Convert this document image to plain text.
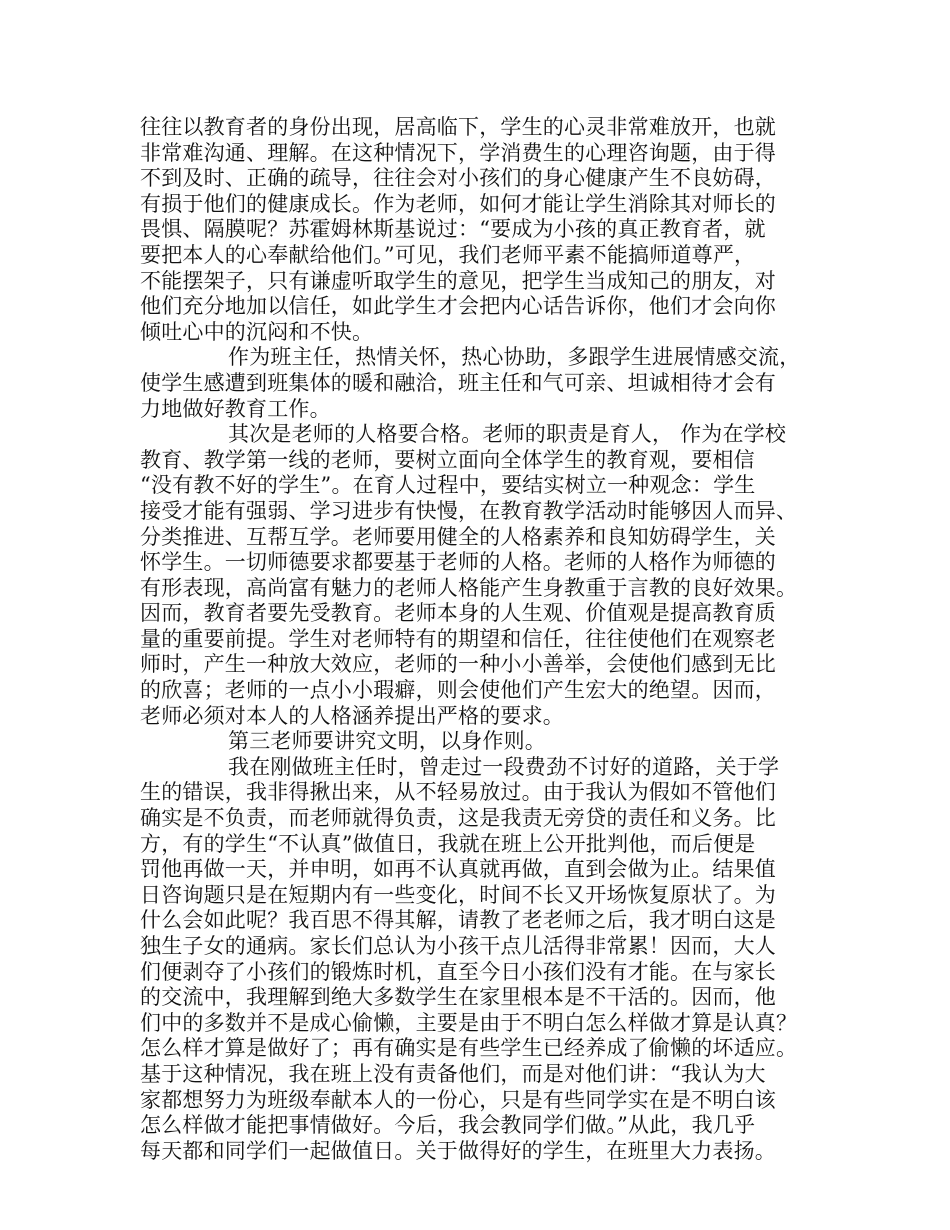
往往以教育者的身份出现，居高临下，学生的心灵非常难放开，也就
非常难沟通、理解。在这种情况下，学消费生的心理咨询题，由于得
不到及时、正确的疏导，往往会对小孩们的身心健康产生不良妨碍，
有损于他们的健康成长。作为老师，如何才能让学生消除其对师长的
畏惧、隔膜呢？苏霍姆林斯基说过：“要成为小孩的真正教育者，就
要把本人的心奉献给他们。”可见，我们老师平素不能搞师道尊严，
不能摆架子，只有谦虚听取学生的意见，把学生当成知己的朋友，对
他们充分地加以信任，如此学生才会把内心话告诉你，他们才会向你
倾吐心中的沉闷和不快。
作为班主任，热情关怀，热心协助，多跟学生进展情感交流，
使学生感遭到班集体的暖和融洽，班主任和气可亲、坦诚相待才会有
力地做好教育工作。
其次是老师的人格要合格。老师的职责是育人， 作为在学校
教育、教学第一线的老师，要树立面向全体学生的教育观，要相信
“没有教不好的学生”。在育人过程中，要结实树立一种观念：学生
接受才能有强弱、学习进步有快慢，在教育教学活动时能够因人而异、
分类推进、互帮互学。老师要用健全的人格素养和良知妨碍学生，关
怀学生。一切师德要求都要基于老师的人格。老师的人格作为师德的
有形表现，高尚富有魅力的老师人格能产生身教重于言教的良好效果。
因而，教育者要先受教育。老师本身的人生观、价值观是提高教育质
量的重要前提。学生对老师特有的期望和信任，往往使他们在观察老
师时，产生一种放大效应，老师的一种小小善举，会使他们感到无比
的欣喜；老师的一点小小瑕癖，则会使他们产生宏大的绝望。因而，
老师必须对本人的人格涵养提出严格的要求。
第三老师要讲究文明，以身作则。
我在刚做班主任时，曾走过一段费劲不讨好的道路，关于学
生的错误，我非得揪出来，从不轻易放过。由于我认为假如不管他们
确实是不负责，而老师就得负责，这是我责无旁贷的责任和义务。比
方，有的学生“不认真”做值日，我就在班上公开批判他，而后便是
罚他再做一天，并申明，如再不认真就再做，直到会做为止。结果值
日咨询题只是在短期内有一些变化，时间不长又开场恢复原状了。为
什么会如此呢？我百思不得其解，请教了老老师之后，我才明白这是
独生子女的通病。家长们总认为小孩干点儿活得非常累！因而，大人
们便剥夺了小孩们的锻炼时机，直至今日小孩们没有才能。在与家长
的交流中，我理解到绝大多数学生在家里根本是不干活的。因而，他
们中的多数并不是成心偷懒，主要是由于不明白怎么样做才算是认真？
怎么样才算是做好了；再有确实是有些学生已经养成了偷懒的坏适应。
基于这种情况，我在班上没有责备他们，而是对他们讲：“我认为大
家都想努力为班级奉献本人的一份心，只是有些同学实在是不明白该
怎么样做才能把事情做好。今后，我会教同学们做。”从此，我几乎
每天都和同学们一起做值日。关于做得好的学生，在班里大力表扬。
